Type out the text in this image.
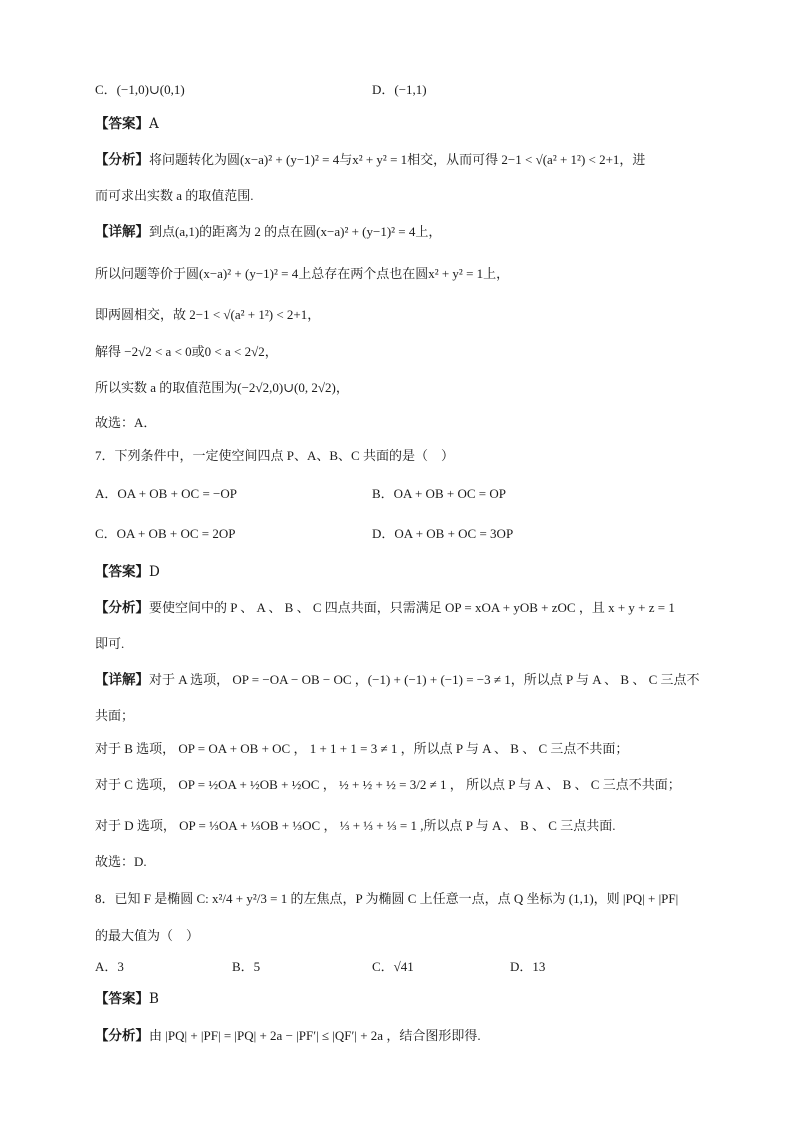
C．(−1,0)∪(0,1)	D．(−1,1)
【答案】A
【分析】将问题转化为圆(x−a)² + (y−1)² = 4与x² + y² = 1相交，从而可得 2−1 < √(a² + 1²) < 2+1，进
而可求出实数 a 的取值范围.
【详解】到点(a,1)的距离为 2 的点在圆(x−a)² + (y−1)² = 4上，
所以问题等价于圆(x−a)² + (y−1)² = 4上总存在两个点也在圆x² + y² = 1上，
即两圆相交，故 2−1 < √(a² + 1²) < 2+1，
解得 −2√2 < a < 0或0 < a < 2√2，
所以实数 a 的取值范围为(−2√2,0)∪(0, 2√2)，
故选：A．
7．下列条件中，一定使空间四点 P、A、B、C 共面的是（　）
A．OA + OB + OC = −OP	B．OA + OB + OC = OP
C．OA + OB + OC = 2OP	D．OA + OB + OC = 3OP
【答案】D
【分析】要使空间中的 P 、 A 、 B 、 C 四点共面，只需满足 OP = xOA + yOB + zOC ，且 x + y + z = 1
即可.
【详解】对于 A 选项， OP = −OA − OB − OC ，(−1) + (−1) + (−1) = −3 ≠ 1，所以点 P 与 A 、 B 、 C 三点不
共面；
对于 B 选项， OP = OA + OB + OC ， 1 + 1 + 1 = 3 ≠ 1 ，所以点 P 与 A 、 B 、 C 三点不共面；
对于 C 选项， OP = ½OA + ½OB + ½OC ， ½ + ½ + ½ = 3/2 ≠ 1 ， 所以点 P 与 A 、 B 、 C 三点不共面；
对于 D 选项， OP = ⅓OA + ⅓OB + ⅓OC ， ⅓ + ⅓ + ⅓ = 1 ,所以点 P 与 A 、 B 、 C 三点共面.
故选：D.
8．已知 F 是椭圆 C: x²/4 + y²/3 = 1 的左焦点，P 为椭圆 C 上任意一点，点 Q 坐标为 (1,1)，则 |PQ| + |PF|
的最大值为（　）
A．3	B．5	C．√41	D．13
【答案】B
【分析】由 |PQ| + |PF| = |PQ| + 2a − |PF′| ≤ |QF′| + 2a ，结合图形即得.
